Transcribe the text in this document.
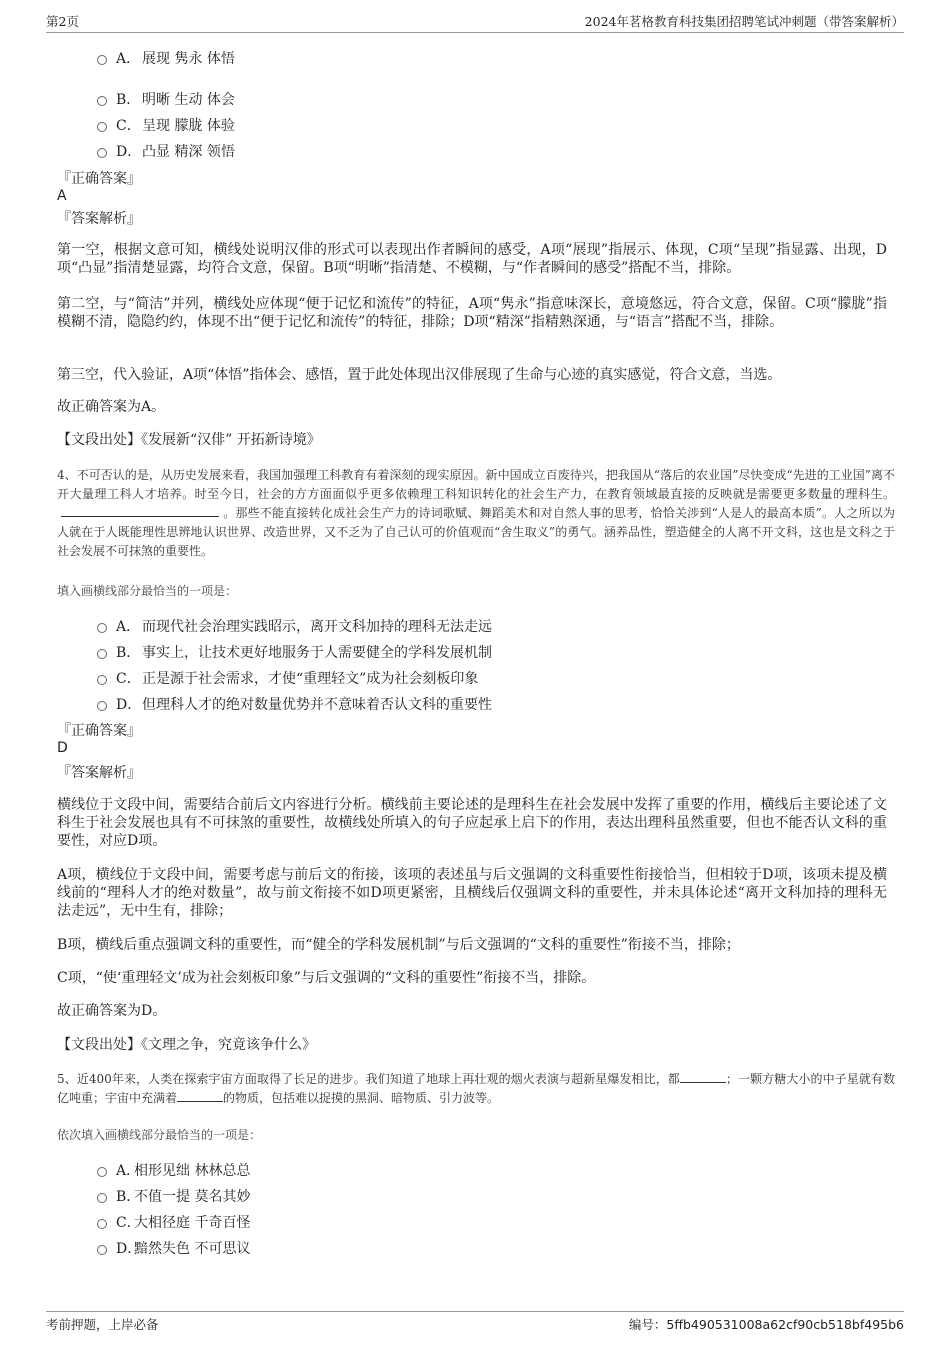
第2页	2024年茗格教育科技集团招聘笔试冲刺题（带答案解析）
A． 展现 隽永 体悟
B． 明晰 生动 体会
C． 呈现 朦胧 体验
D． 凸显 精深 领悟
『正确答案』
A
『答案解析』
第一空，根据文意可知，横线处说明汉俳的形式可以表现出作者瞬间的感受，A项“展现”指展示、体现，C项“呈现”指显露、出现，D项“凸显”指清楚显露，均符合文意，保留。B项“明晰”指清楚、不模糊，与“作者瞬间的感受”搭配不当，排除。
第二空，与“简洁”并列，横线处应体现“便于记忆和流传”的特征，A项“隽永”指意味深长，意境悠远，符合文意，保留。C项“朦胧”指模糊不清，隐隐约约，体现不出“便于记忆和流传”的特征，排除；D项“精深”指精熟深通，与“语言”搭配不当，排除。
第三空，代入验证，A项“体悟”指体会、感悟，置于此处体现出汉俳展现了生命与心迹的真实感觉，符合文意，当选。
故正确答案为A。
【文段出处】《发展新“汉俳” 开拓新诗境》
4、不可否认的是，从历史发展来看，我国加强理工科教育有着深刻的现实原因。新中国成立百废待兴，把我国从“落后的农业国”尽快变成“先进的工业国”离不开大量理工科人才培养。时至今日，社会的方方面面似乎更多依赖理工科知识转化的社会生产力，在教育领域最直接的反映就是需要更多数量的理科生。。那些不能直接转化成社会生产力的诗词歌赋、舞蹈美术和对自然人事的思考，恰恰关涉到“人是人的最高本质”。人之所以为人就在于人既能理性思辨地认识世界、改造世界，又不乏为了自己认可的价值观而“舍生取义”的勇气。涵养品性，塑造健全的人离不开文科，这也是文科之于社会发展不可抹煞的重要性。
填入画横线部分最恰当的一项是：
A． 而现代社会治理实践昭示，离开文科加持的理科无法走远
B． 事实上，让技术更好地服务于人需要健全的学科发展机制
C． 正是源于社会需求，才使“重理轻文”成为社会刻板印象
D． 但理科人才的绝对数量优势并不意味着否认文科的重要性
『正确答案』
D
『答案解析』
横线位于文段中间，需要结合前后文内容进行分析。横线前主要论述的是理科生在社会发展中发挥了重要的作用，横线后主要论述了文科生于社会发展也具有不可抹煞的重要性，故横线处所填入的句子应起承上启下的作用，表达出理科虽然重要，但也不能否认文科的重要性，对应D项。
A项，横线位于文段中间，需要考虑与前后文的衔接，该项的表述虽与后文强调的文科重要性衔接恰当，但相较于D项，该项未提及横线前的“理科人才的绝对数量”，故与前文衔接不如D项更紧密，且横线后仅强调文科的重要性，并未具体论述“离开文科加持的理科无法走远”，无中生有，排除；
B项，横线后重点强调文科的重要性，而“健全的学科发展机制”与后文强调的“文科的重要性”衔接不当，排除；
C项，“使‘重理轻文’成为社会刻板印象”与后文强调的“文科的重要性”衔接不当，排除。
故正确答案为D。
【文段出处】《文理之争，究竟该争什么》
5、近400年来，人类在探索宇宙方面取得了长足的进步。我们知道了地球上再壮观的烟火表演与超新星爆发相比，都	；一颗方糖大小的中子星就有数亿吨重；宇宙中充满着	的物质，包括难以捉摸的黑洞、暗物质、引力波等。
依次填入画横线部分最恰当的一项是：
A．
相形见绌 林林总总
B．
不值一提 莫名其妙
C．
大相径庭 千奇百怪
D．
黯然失色 不可思议
考前押题，上岸必备	编号：5ffb490531008a62cf90cb518bf495b6
